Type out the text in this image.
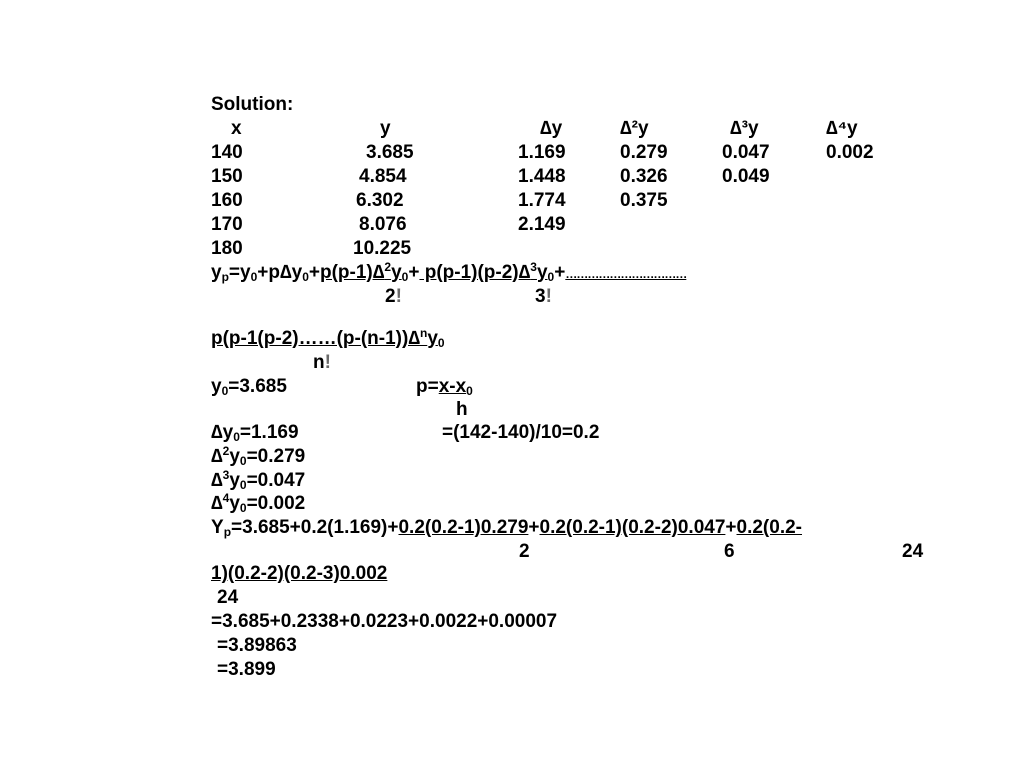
Solution:
x	y	∆y	∆²y	∆³y	∆⁴y
140	3.685	1.169	0.279	0.047	0.002
150	4.854	1.448	0.326	0.049
160	6.302	1.774	0.375
170	8.076	2.149
180	10.225
$y_p=y_0+p\Delta y_0+p(p-1)\Delta^2y_0+$ $p(p-1)(p-2)\Delta^3y_0+\dots\dots\dots\dots\dots\dots\dots\dots\dots\dots\dots$
2!	3!
$p(p-1(p-2)\dots\dots(p-(n-1))\Delta^ny_0$
n!
$y_0=3.685$	$p=x-x_0$
h
$\Delta y_0=1.169$	=(142-140)/10=0.2
$\Delta^2y_0=0.279$
$\Delta^3y_0=0.047$
$\Delta^4y_0=0.002$
$Y_p=3.685+0.2(1.169)+0.2(0.2-1)0.279+0.2(0.2-1)(0.2-2)0.047+0.2(0.2-$
2	6	24
1)(0.2-2)(0.2-3)0.002
24
=3.685+0.2338+0.0223+0.0022+0.00007
=3.89863
=3.899
